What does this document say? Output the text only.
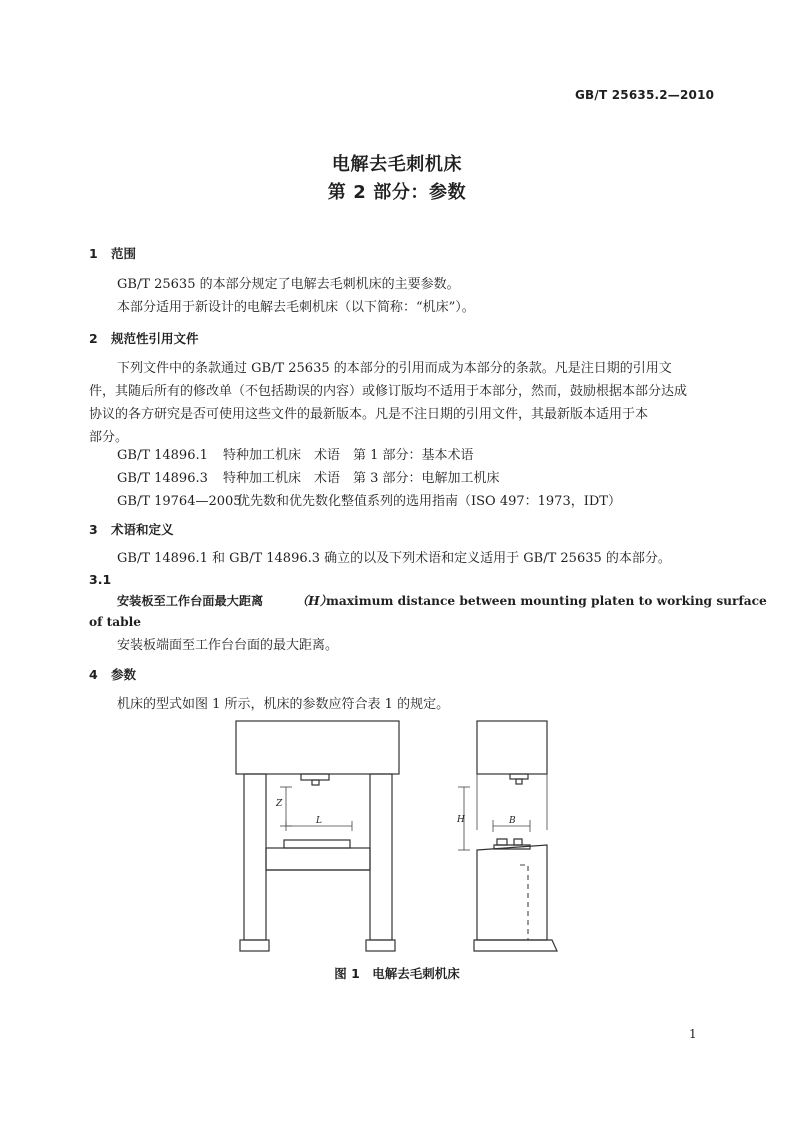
GB/T 25635.2—2010
电解去毛刺机床
第 2 部分：参数
1 范围
GB/T 25635 的本部分规定了电解去毛刺机床的主要参数。
本部分适用于新设计的电解去毛刺机床（以下简称：“机床”）。
2 规范性引用文件
下列文件中的条款通过 GB/T 25635 的本部分的引用而成为本部分的条款。凡是注日期的引用文
件，其随后所有的修改单（不包括勘误的内容）或修订版均不适用于本部分，然而，鼓励根据本部分达成
协议的各方研究是否可使用这些文件的最新版本。凡是不注日期的引用文件，其最新版本适用于本
部分。
GB/T 14896.1 特种加工机床　术语　第 1 部分：基本术语
GB/T 14896.3 特种加工机床　术语　第 3 部分：电解加工机床
GB/T 19764—2005
优先数和优先数化整值系列的选用指南（ISO 497：1973，IDT）
3 术语和定义
GB/T 14896.1 和 GB/T 14896.3 确立的以及下列术语和定义适用于 GB/T 25635 的本部分。
3.1
安装板至工作台面最大距离	（H）
maximum distance between mounting platen to working surface
of table
安装板端面至工作台台面的最大距离。
4 参数
机床的型式如图 1 所示，机床的参数应符合表 1 的规定。
Z
L	H	B
图 1　电解去毛刺机床
1
